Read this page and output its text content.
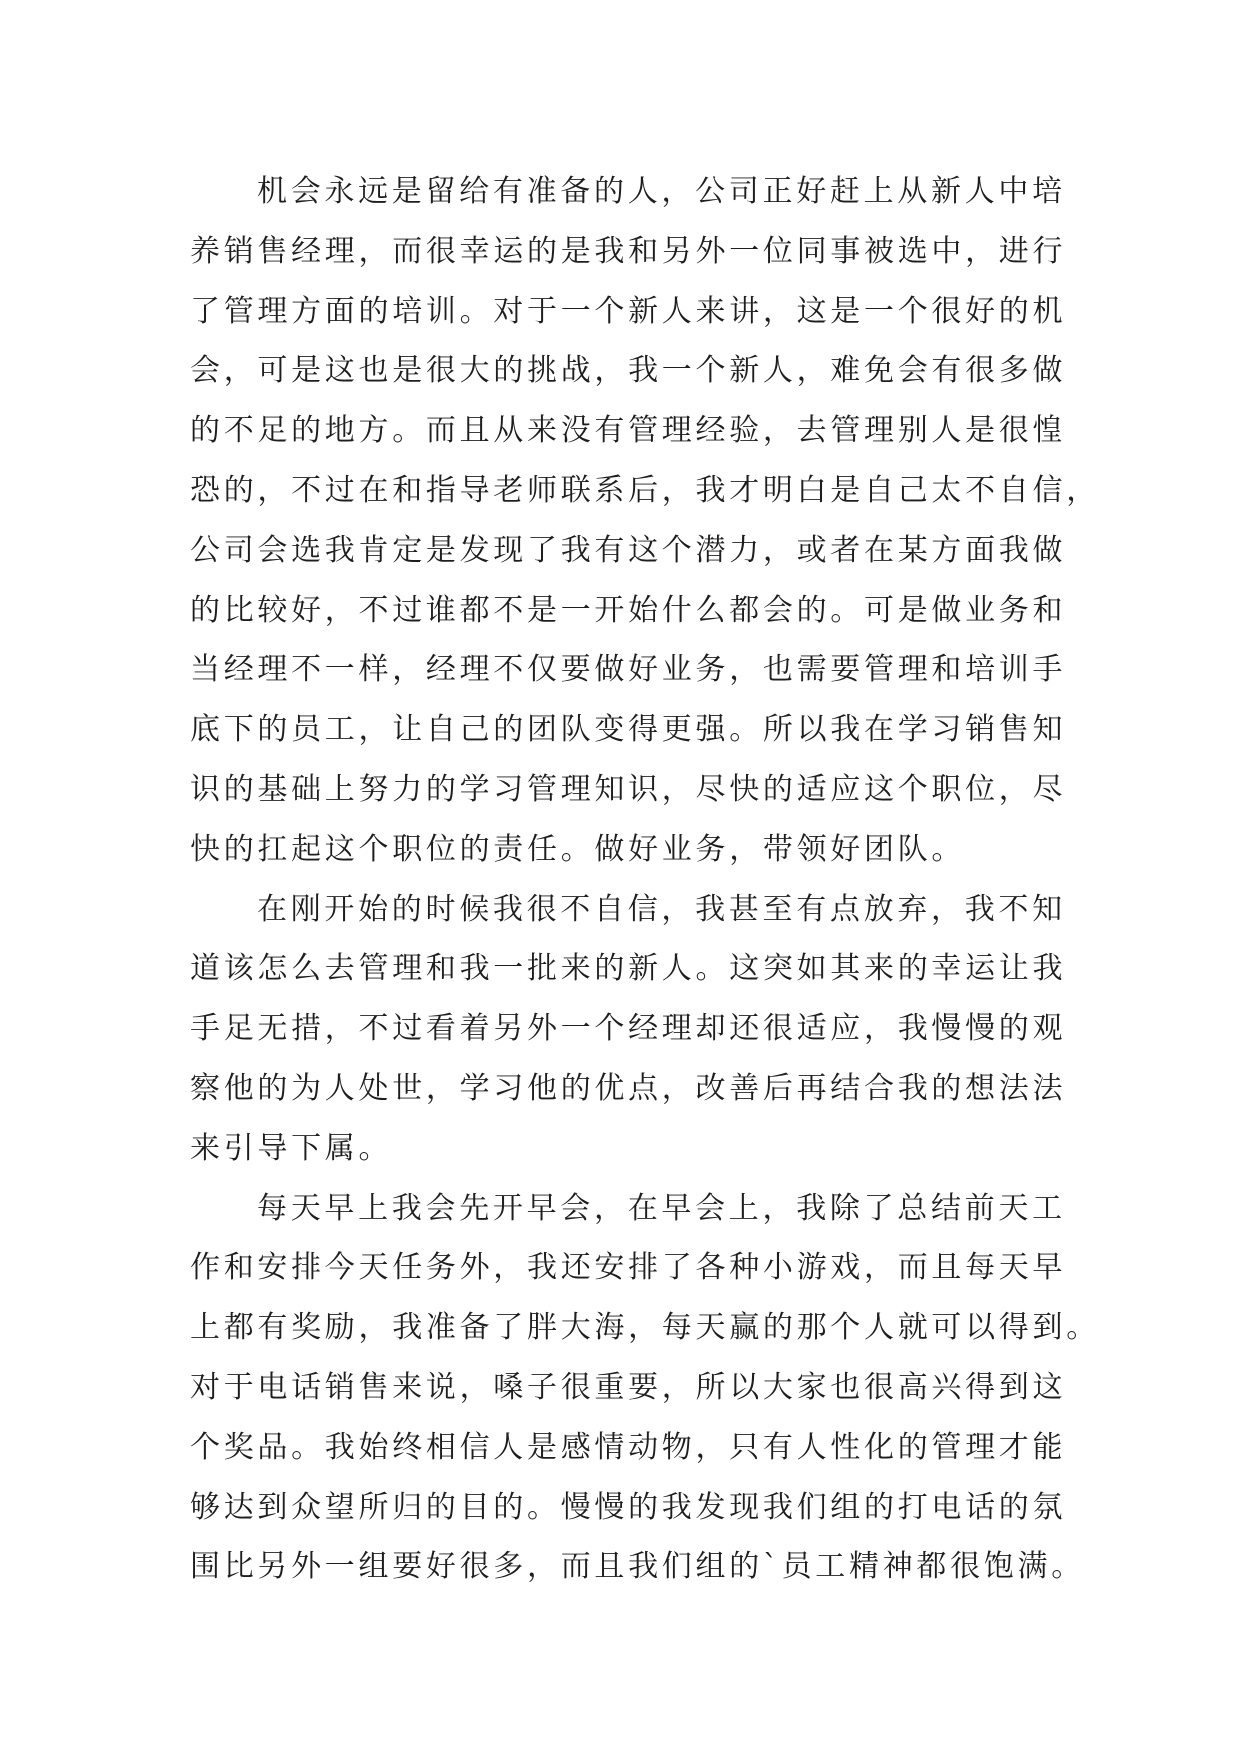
机会永远是留给有准备的人，公司正好赶上从新人中培
养销售经理，而很幸运的是我和另外一位同事被选中，进行
了管理方面的培训。对于一个新人来讲，这是一个很好的机
会，可是这也是很大的挑战，我一个新人，难免会有很多做
的不足的地方。而且从来没有管理经验，去管理别人是很惶
恐的，不过在和指导老师联系后，我才明白是自己太不自信，
公司会选我肯定是发现了我有这个潜力，或者在某方面我做
的比较好，不过谁都不是一开始什么都会的。可是做业务和
当经理不一样，经理不仅要做好业务，也需要管理和培训手
底下的员工，让自己的团队变得更强。所以我在学习销售知
识的基础上努力的学习管理知识，尽快的适应这个职位，尽
快的扛起这个职位的责任。做好业务，带领好团队。
在刚开始的时候我很不自信，我甚至有点放弃，我不知
道该怎么去管理和我一批来的新人。这突如其来的幸运让我
手足无措，不过看着另外一个经理却还很适应，我慢慢的观
察他的为人处世，学习他的优点，改善后再结合我的想法法
来引导下属。
每天早上我会先开早会，在早会上，我除了总结前天工
作和安排今天任务外，我还安排了各种小游戏，而且每天早
上都有奖励，我准备了胖大海，每天赢的那个人就可以得到。
对于电话销售来说，嗓子很重要，所以大家也很高兴得到这
个奖品。我始终相信人是感情动物，只有人性化的管理才能
够达到众望所归的目的。慢慢的我发现我们组的打电话的氛
围比另外一组要好很多，而且我们组的`员工精神都很饱满。
